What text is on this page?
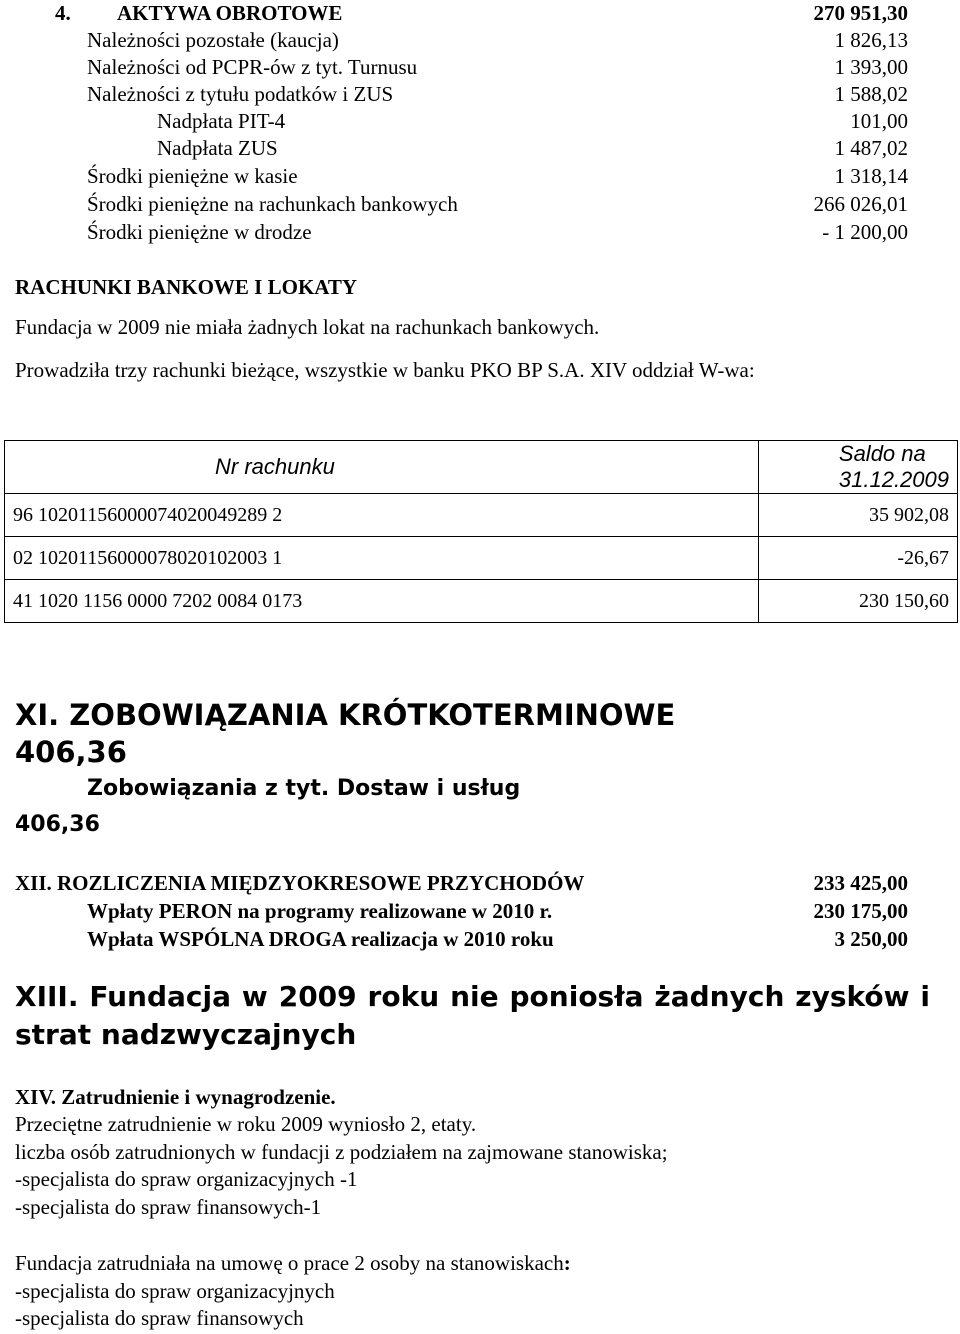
4. AKTYWA OBROTOWE	270 951,30
Należności pozostałe (kaucja)	1 826,13
Należności od PCPR-ów z tyt. Turnusu	1 393,00
Należności z tytułu podatków i ZUS	1 588,02
Nadpłata PIT-4	101,00
Nadpłata ZUS	1 487,02
Środki pieniężne w kasie	1 318,14
Środki pieniężne na rachunkach bankowych	266 026,01
Środki pieniężne w drodze	- 1 200,00
RACHUNKI BANKOWE I LOKATY
Fundacja w 2009 nie miała żadnych lokat na rachunkach bankowych.
Prowadziła trzy rachunki bieżące, wszystkie w banku PKO BP S.A. XIV oddział W-wa:
Nr rachunku	Saldo na 31.12.2009
96 10201156000074020049289 2	35 902,08
02 10201156000078020102003 1	-26,67
41 1020 1156 0000 7202 0084 0173	230 150,60
XI. ZOBOWIĄZANIA KRÓTKOTERMINOWE
406,36
Zobowiązania z tyt. Dostaw i usług
406,36
XII. ROZLICZENIA MIĘDZYOKRESOWE PRZYCHODÓW	233 425,00
Wpłaty PERON na programy realizowane w 2010 r.	230 175,00
Wpłata WSPÓLNA DROGA realizacja w 2010 roku	3 250,00
XIII. Fundacja w 2009 roku nie poniosła żadnych zysków i
strat nadzwyczajnych
XIV. Zatrudnienie i wynagrodzenie.
Przeciętne zatrudnienie w roku 2009 wyniosło 2, etaty.
liczba osób zatrudnionych w fundacji z podziałem na zajmowane stanowiska;
-specjalista do spraw organizacyjnych -1
-specjalista do spraw finansowych-1
Fundacja zatrudniała na umowę o prace 2 osoby na stanowiskach:
-specjalista do spraw organizacyjnych
-specjalista do spraw finansowych
